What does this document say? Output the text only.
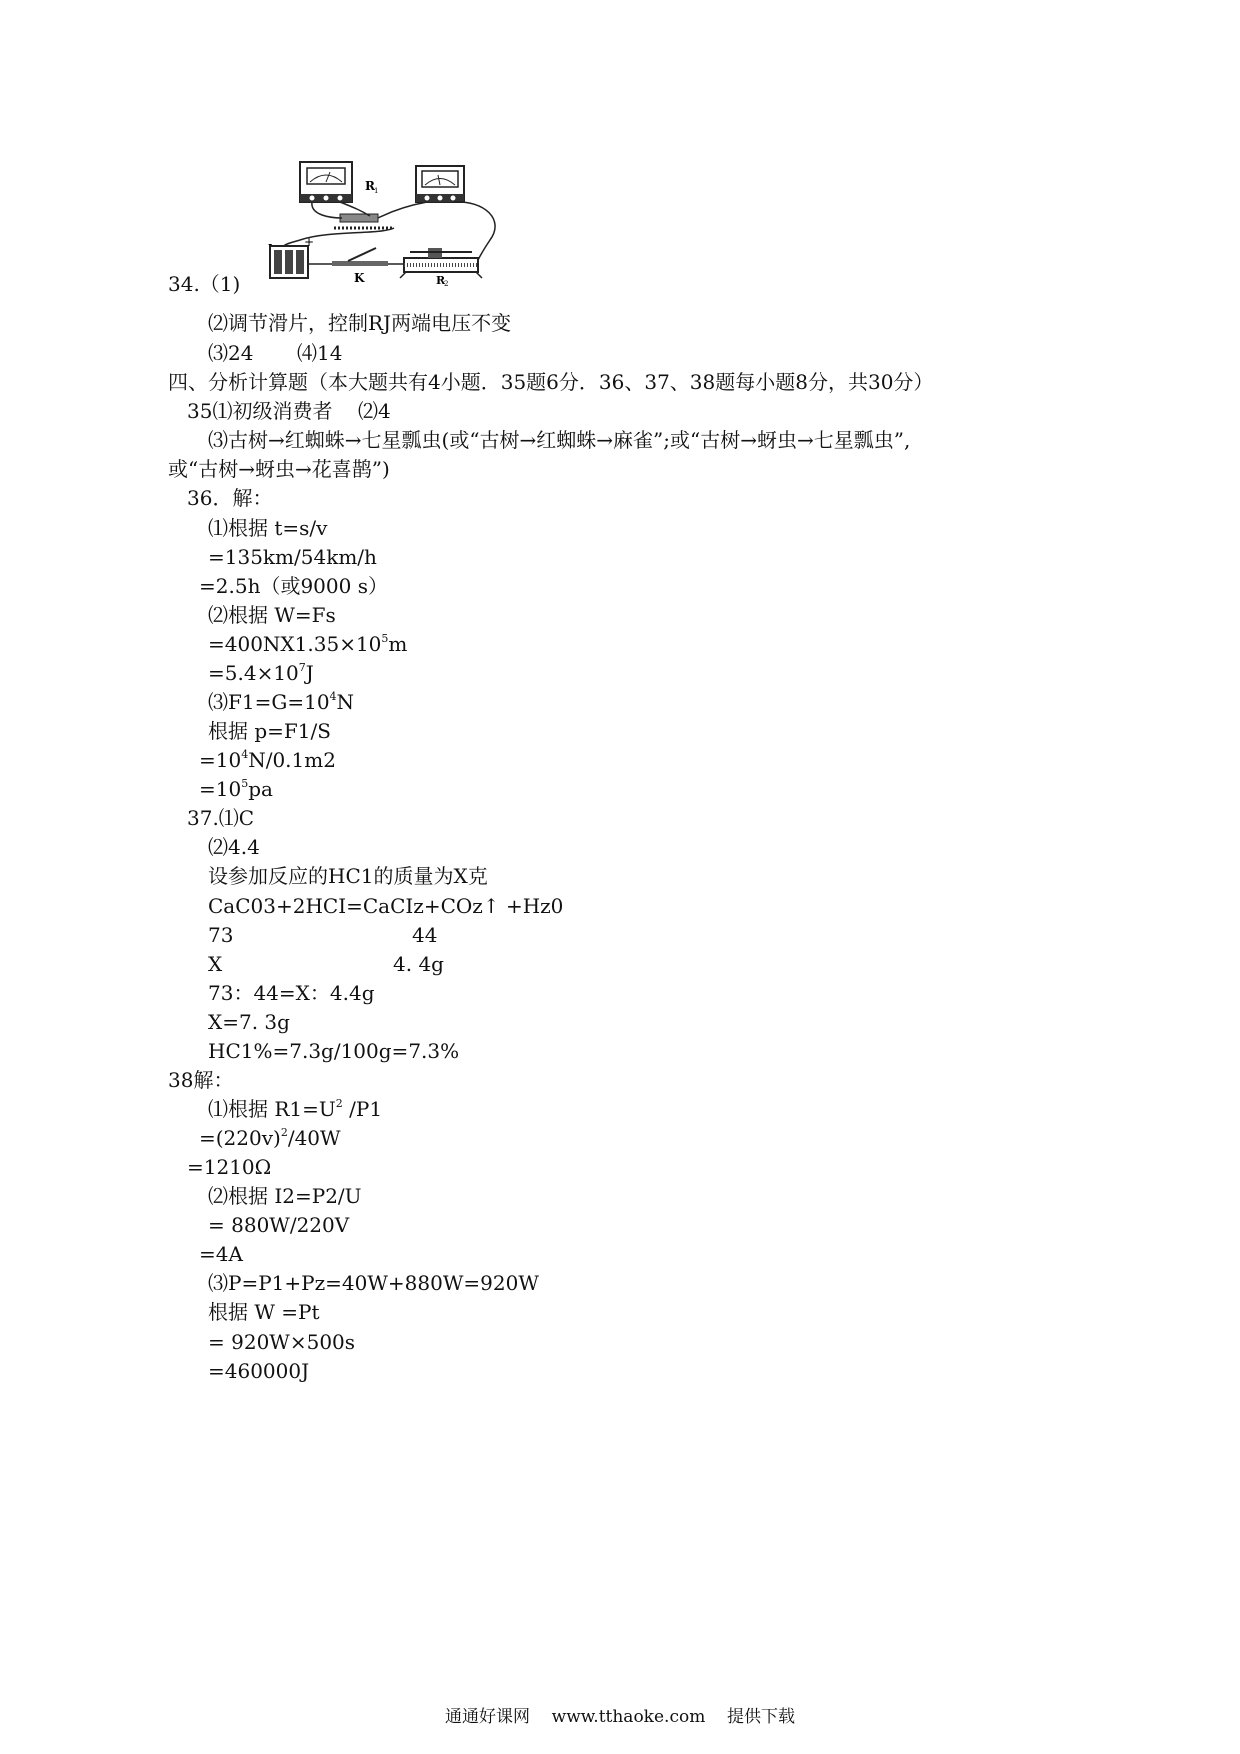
R 1
-	+
K	R
2
34.（1)
⑵调节滑片，控制RJ两端电压不变
⑶24 ⑷14
四、分析计算题（本大题共有4小题．35题6分．36、37、38题每小题8分，共30分）
35⑴初级消费者 ⑵4
⑶古树→红蜘蛛→七星瓢虫(或“古树→红蜘蛛→麻雀”;或“古树→蚜虫→七星瓢虫”,
或“古树→蚜虫→花喜鹊”)
36．解：
⑴根据 t=s/v
=135km/54km/h
=2.5h（或9000 s）
⑵根据 W=Fs
$=400NX1.35\times 10^5m$
$=5.4\times 10^7J$
$⑶F1=G=10^4N$
根据 p=F1/S
$=10^4N/0.1m2$
$=10^5pa$
37.⑴C
⑵4.4
设参加反应的HC1的质量为X克
CaC03+2HCI=CaCIz+COz↑ +Hz0
73	44
X	4. 4g
73：44=X：4.4g
X=7. 3g
HC1%=7.3g/100g=7.3%
38解：
⑴根据 $R1=U^2$ /P1
$=(220v)^2/40W$
=1210Ω
⑵根据 I2=P2/U
= 880W/220V
=4A
⑶P=P1+Pz=40W+880W=920W
根据 W =Pt
= 920W×500s
=460000J
通通好课网 www.tthaoke.com 提供下载
